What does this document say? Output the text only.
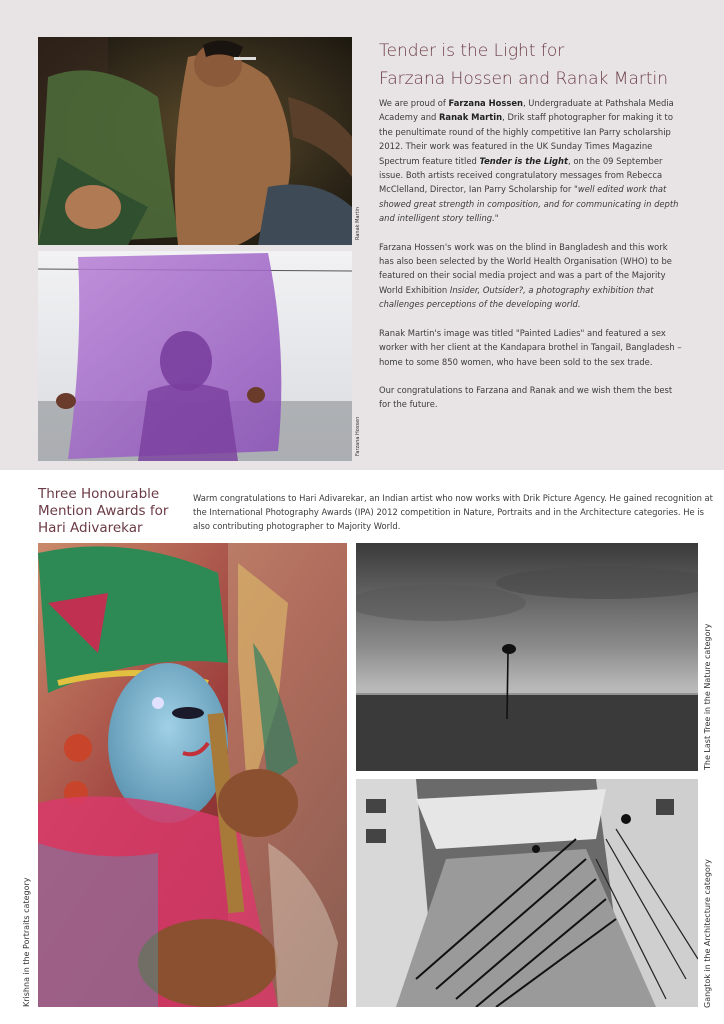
Ranak Martin
Farzana Hossen
Tender is the Light for
Farzana Hossen and Ranak Martin

We are proud of Farzana Hossen, Undergraduate at Pathshala Media Academy and Ranak Martin, Drik staff photographer for making it to the penultimate round of the highly competitive Ian Parry scholarship 2012. Their work was featured in the UK Sunday Times Magazine Spectrum feature titled Tender is the Light, on the 09 September issue. Both artists received congratulatory messages from Rebecca McClelland, Director, Ian Parry Scholarship for "well edited work that showed great strength in composition, and for communicating in depth and intelligent story telling."

Farzana Hossen's work was on the blind in Bangladesh and this work has also been selected by the World Health Organisation (WHO) to be featured on their social media project and was a part of the Majority World Exhibition Insider, Outsider?, a photography exhibition that challenges perceptions of the developing world.

Ranak Martin's image was titled "Painted Ladies" and featured a sex worker with her client at the Kandapara brothel in Tangail, Bangladesh – home to some 850 women, who have been sold to the sex trade.

Our congratulations to Farzana and Ranak and we wish them the best for the future.

Three Honourable Mention Awards for Hari Adivarekar
Warm congratulations to Hari Adivarekar, an Indian artist who now works with Drik Picture Agency. He gained recognition at the International Photography Awards (IPA) 2012 competition in Nature, Portraits and in the Architecture categories. He is also contributing photographer to Majority World.
Krishna in the Portraits category
The Last Tree in the Nature category
Gangtok in the Architecture category
